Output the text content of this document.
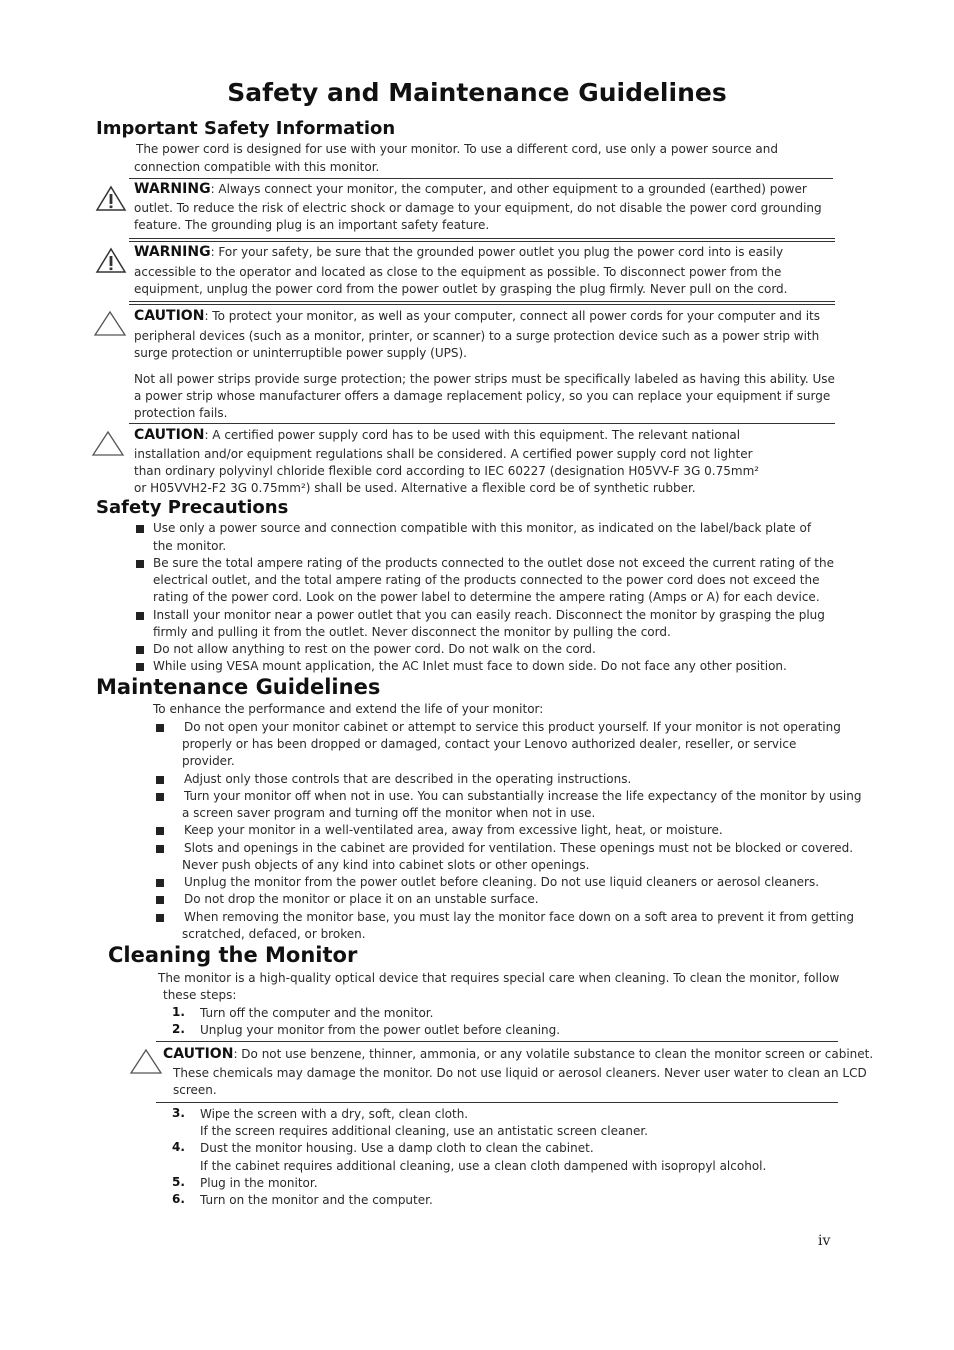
Safety and Maintenance Guidelines
Important Safety Information
The power cord is designed for use with your monitor. To use a different cord, use only a power source and
connection compatible with this monitor.
WARNING: Always connect your monitor, the computer, and other equipment to a grounded (earthed) power
outlet. To reduce the risk of electric shock or damage to your equipment, do not disable the power cord grounding
feature. The grounding plug is an important safety feature.
WARNING: For your safety, be sure that the grounded power outlet you plug the power cord into is easily
accessible to the operator and located as close to the equipment as possible. To disconnect power from the
equipment, unplug the power cord from the power outlet by grasping the plug firmly. Never pull on the cord.
CAUTION: To protect your monitor, as well as your computer, connect all power cords for your computer and its
peripheral devices (such as a monitor, printer, or scanner) to a surge protection device such as a power strip with
surge protection or uninterruptible power supply (UPS).
Not all power strips provide surge protection; the power strips must be specifically labeled as having this ability. Use
a power strip whose manufacturer offers a damage replacement policy, so you can replace your equipment if surge
protection fails.
CAUTION: A certified power supply cord has to be used with this equipment. The relevant national
installation and/or equipment regulations shall be considered. A certified power supply cord not lighter
than ordinary polyvinyl chloride flexible cord according to IEC 60227 (designation H05VV-F 3G 0.75mm²
or H05VVH2-F2 3G 0.75mm²) shall be used. Alternative a flexible cord be of synthetic rubber.
Safety Precautions
Use only a power source and connection compatible with this monitor, as indicated on the label/back plate of
the monitor.
Be sure the total ampere rating of the products connected to the outlet dose not exceed the current rating of the
electrical outlet, and the total ampere rating of the products connected to the power cord does not exceed the
rating of the power cord. Look on the power label to determine the ampere rating (Amps or A) for each device.
Install your monitor near a power outlet that you can easily reach. Disconnect the monitor by grasping the plug
firmly and pulling it from the outlet. Never disconnect the monitor by pulling the cord.
Do not allow anything to rest on the power cord. Do not walk on the cord.
While using VESA mount application, the AC Inlet must face to down side. Do not face any other position.
Maintenance Guidelines
To enhance the performance and extend the life of your monitor:
Do not open your monitor cabinet or attempt to service this product yourself. If your monitor is not operating
properly or has been dropped or damaged, contact your Lenovo authorized dealer, reseller, or service
provider.
Adjust only those controls that are described in the operating instructions.
Turn your monitor off when not in use. You can substantially increase the life expectancy of the monitor by using
a screen saver program and turning off the monitor when not in use.
Keep your monitor in a well-ventilated area, away from excessive light, heat, or moisture.
Slots and openings in the cabinet are provided for ventilation. These openings must not be blocked or covered.
Never push objects of any kind into cabinet slots or other openings.
Unplug the monitor from the power outlet before cleaning. Do not use liquid cleaners or aerosol cleaners.
Do not drop the monitor or place it on an unstable surface.
When removing the monitor base, you must lay the monitor face down on a soft area to prevent it from getting
scratched, defaced, or broken.
Cleaning the Monitor
The monitor is a high-quality optical device that requires special care when cleaning. To clean the monitor, follow
these steps:
1. Turn off the computer and the monitor.
2. Unplug your monitor from the power outlet before cleaning.
CAUTION: Do not use benzene, thinner, ammonia, or any volatile substance to clean the monitor screen or cabinet.
These chemicals may damage the monitor. Do not use liquid or aerosol cleaners. Never user water to clean an LCD
screen.
3. Wipe the screen with a dry, soft, clean cloth.
If the screen requires additional cleaning, use an antistatic screen cleaner.
4. Dust the monitor housing. Use a damp cloth to clean the cabinet.
If the cabinet requires additional cleaning, use a clean cloth dampened with isopropyl alcohol.
5. Plug in the monitor.
6. Turn on the monitor and the computer.
iv
